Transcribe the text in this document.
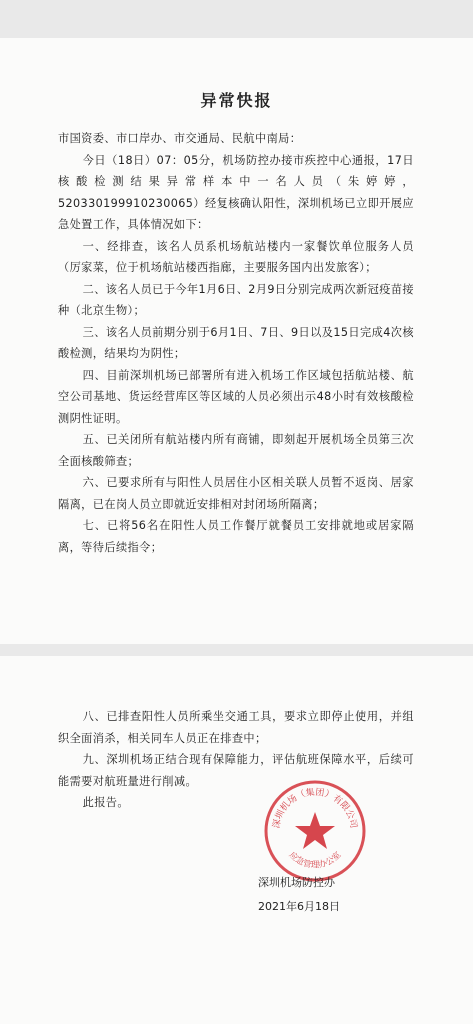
异常快报

市国资委、市口岸办、市交通局、民航中南局：

今日（18日）07：05分，机场防控办接市疾控中心通报，17日核酸检测结果异常样本中一名人员（朱婷婷，520330199910230065）经复核确认阳性，深圳机场已立即开展应急处置工作，具体情况如下：

一、经排查，该名人员系机场航站楼内一家餐饮单位服务人员（厉家菜，位于机场航站楼西指廊，主要服务国内出发旅客）；

二、该名人员已于今年1月6日、2月9日分别完成两次新冠疫苗接种（北京生物）；

三、该名人员前期分别于6月1日、7日、9日以及15日完成4次核酸检测，结果均为阴性；

四、目前深圳机场已部署所有进入机场工作区域包括航站楼、航空公司基地、货运经营库区等区域的人员必须出示48小时有效核酸检测阴性证明。

五、已关闭所有航站楼内所有商铺，即刻起开展机场全员第三次全面核酸筛查；

六、已要求所有与阳性人员居住小区相关联人员暂不返岗、居家隔离，已在岗人员立即就近安排相对封闭场所隔离；

七、已将56名在阳性人员工作餐厅就餐员工安排就地或居家隔离，等待后续指令；

八、已排查阳性人员所乘坐交通工具，要求立即停止使用，并组织全面消杀，相关同车人员正在排查中；

九、深圳机场正结合现有保障能力，评估航班保障水平，后续可能需要对航班量进行削减。

此报告。

深圳机场（集团）有限公司
应急管理办公室
深圳机场防控办
2021年6月18日
